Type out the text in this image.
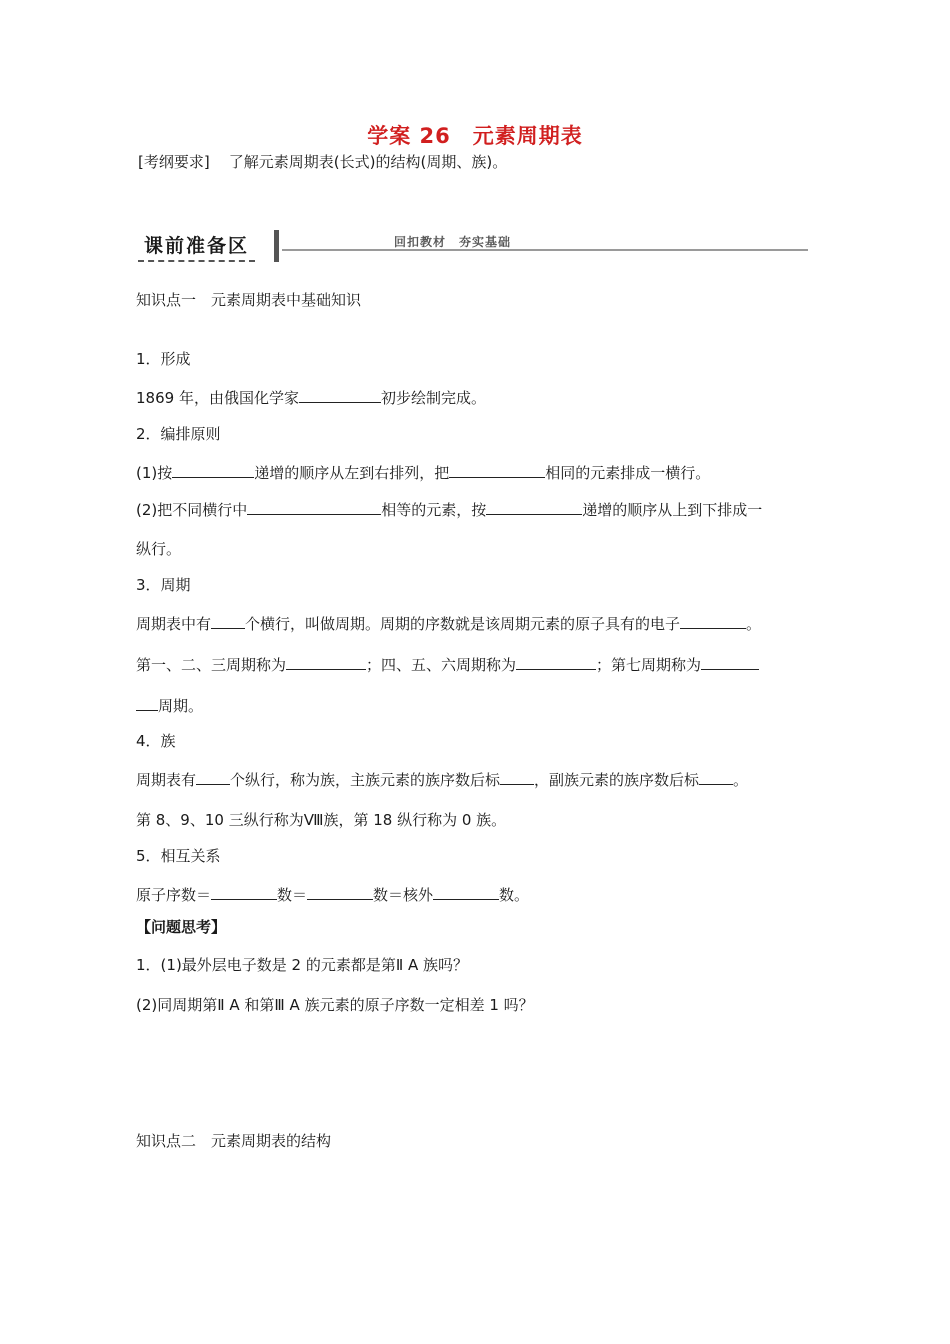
学案 26　元素周期表
[考纲要求] 了解元素周期表(长式)的结构(周期、族)。
课前准备区	回扣教材　夯实基础
知识点一　元素周期表中基础知识
1．形成
1869 年，由俄国化学家	初步绘制完成。
2．编排原则
(1)按	递增的顺序从左到右排列，把	相同的元素排成一横行。
(2)把不同横行中	相等的元素，按	递增的顺序从上到下排成一
纵行。
3．周期
周期表中有 个横行，叫做周期。周期的序数就是该周期元素的原子具有的电子	。
第一、二、三周期称为	；四、五、六周期称为	；第七周期称为
周期。
4．族
周期表有 个纵行，称为族，主族元素的族序数后标 ，副族元素的族序数后标 。
第 8、9、10 三纵行称为Ⅷ族，第 18 纵行称为 0 族。
5．相互关系
原子序数＝	数＝	数＝核外	数。
【问题思考】
1．(1)最外层电子数是 2 的元素都是第Ⅱ A 族吗？
(2)同周期第Ⅱ A 和第Ⅲ A 族元素的原子序数一定相差 1 吗？
知识点二　元素周期表的结构
